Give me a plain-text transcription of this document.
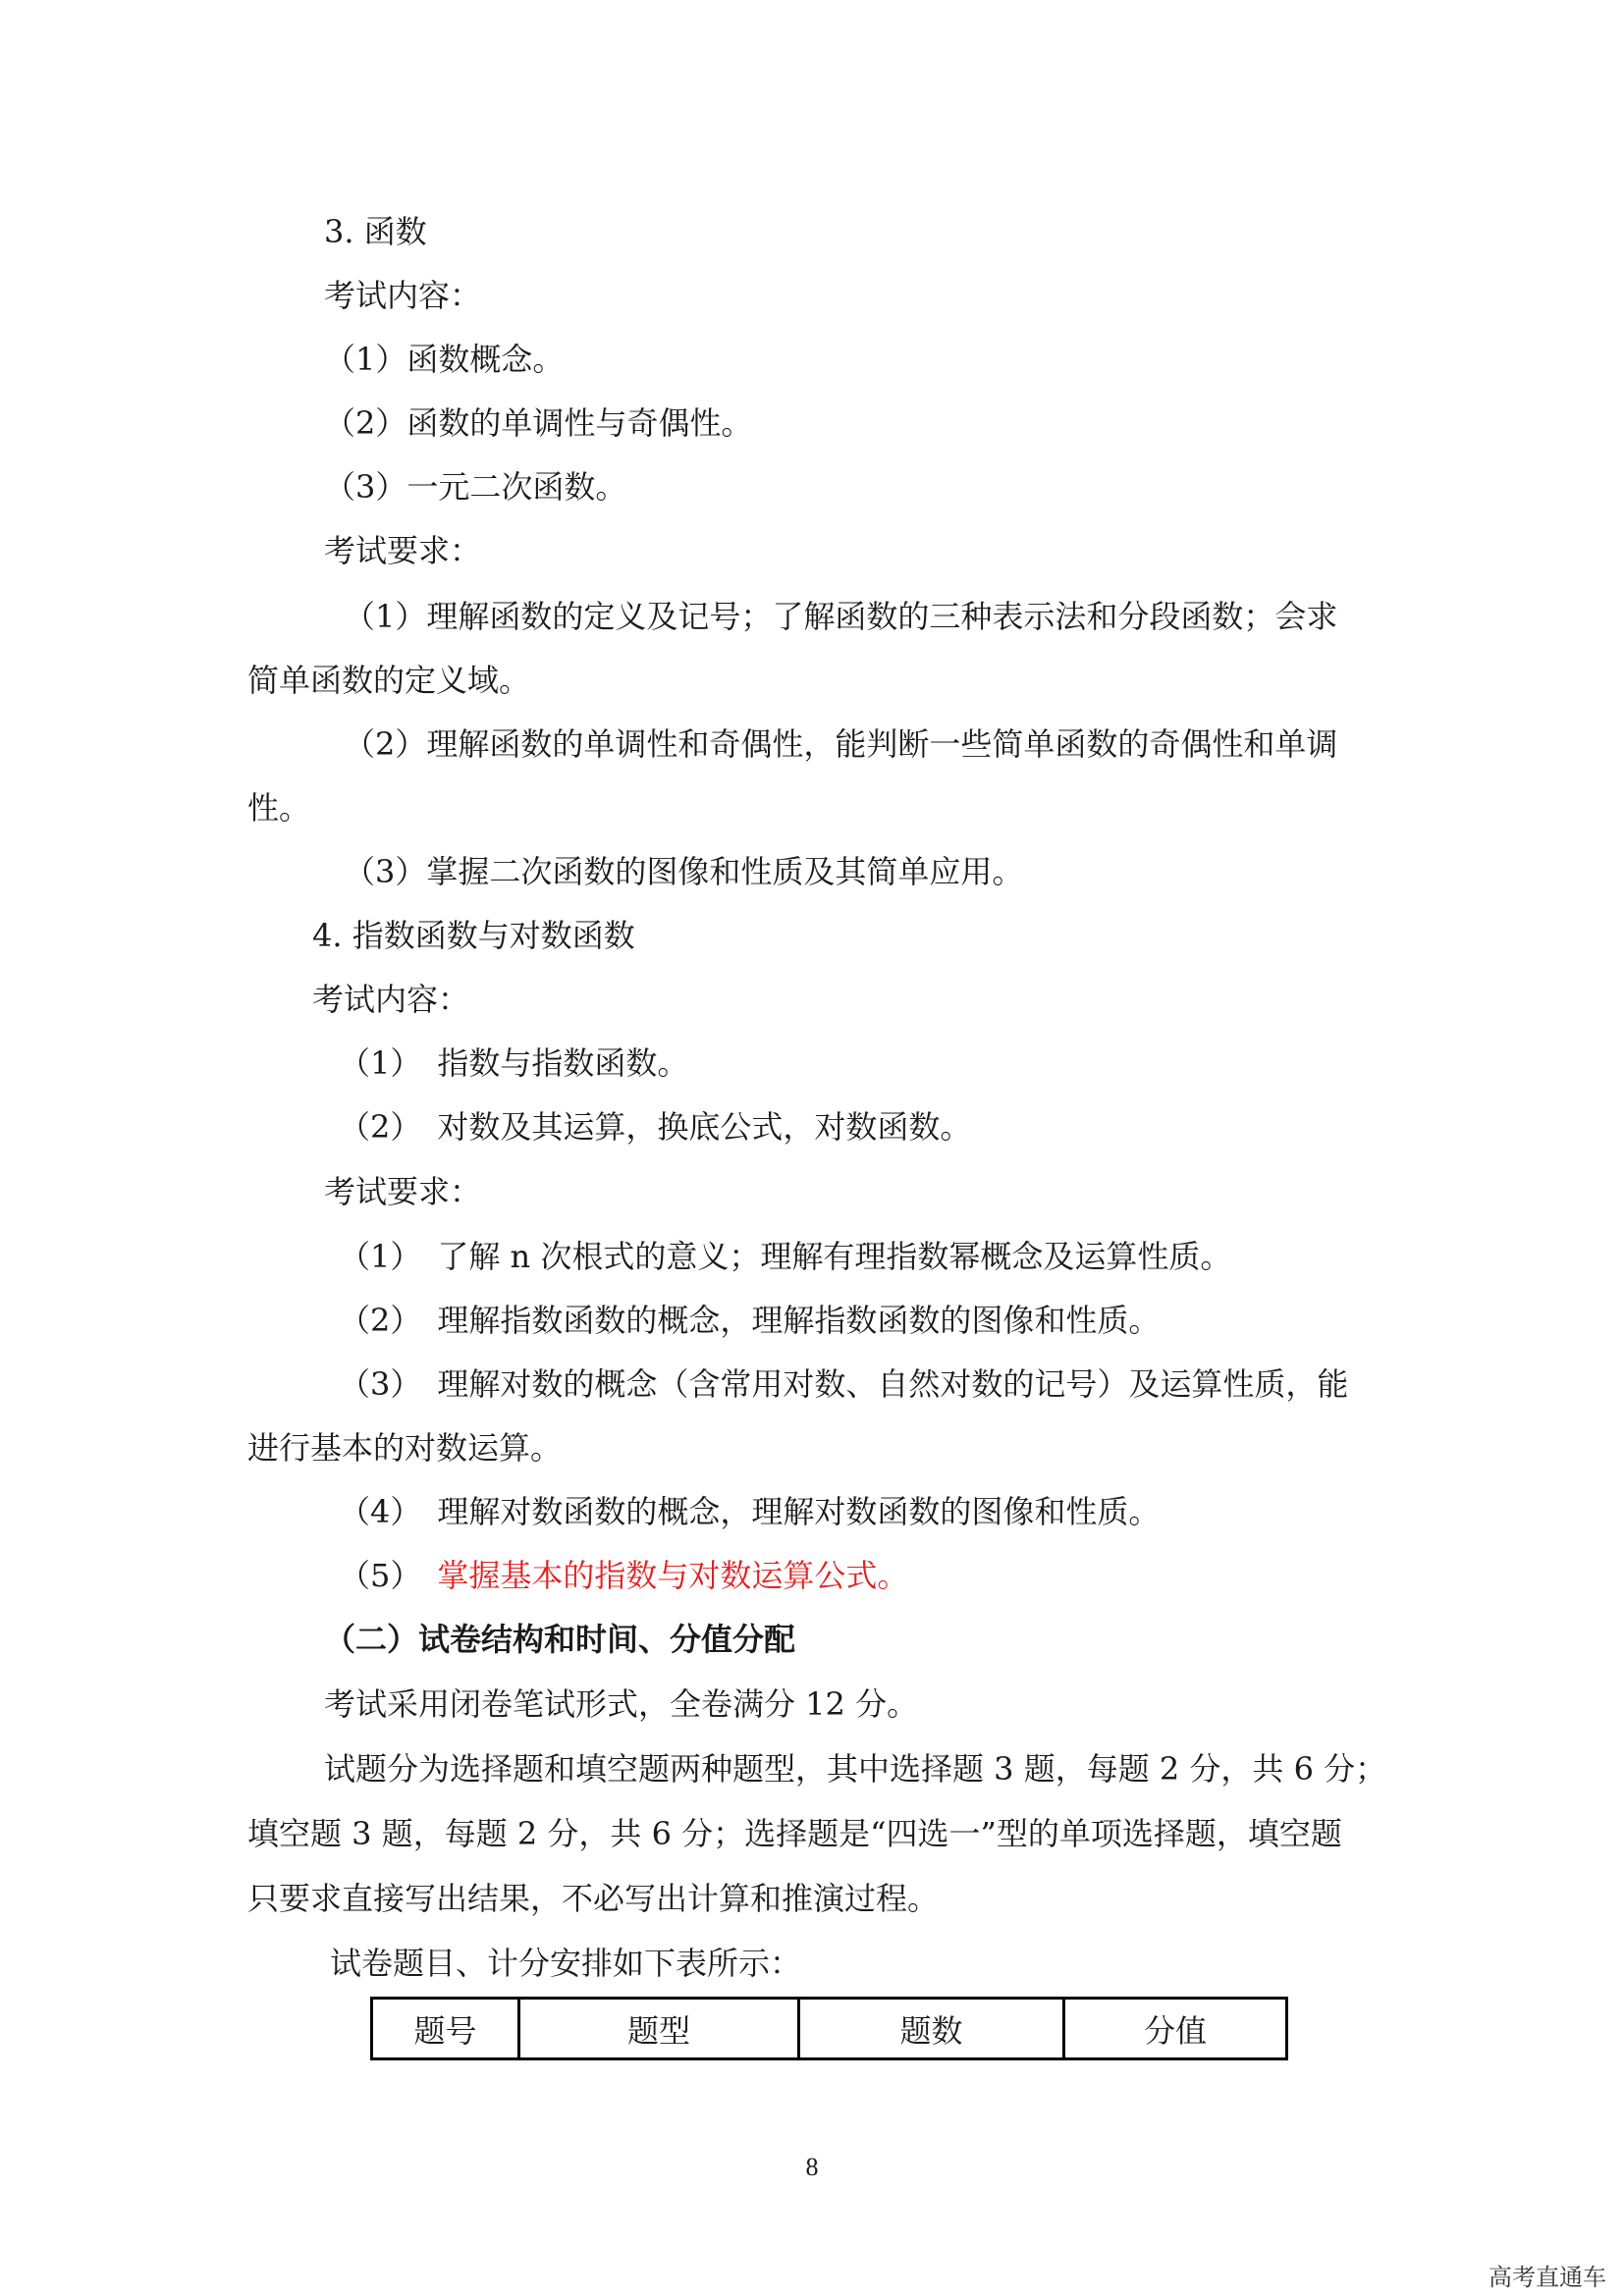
3. 函数
考试内容：
（1）函数概念。
（2）函数的单调性与奇偶性。
（3）一元二次函数。
考试要求：
（1）理解函数的定义及记号；了解函数的三种表示法和分段函数；会求
简单函数的定义域。
（2）理解函数的单调性和奇偶性，能判断一些简单函数的奇偶性和单调
性。
（3）掌握二次函数的图像和性质及其简单应用。
4. 指数函数与对数函数
考试内容：
（1）　指数与指数函数。
（2）　对数及其运算，换底公式，对数函数。
考试要求：
（1）　了解 n 次根式的意义；理解有理指数幂概念及运算性质。
（2）　理解指数函数的概念，理解指数函数的图像和性质。
（3）　理解对数的概念（含常用对数、自然对数的记号）及运算性质，能
进行基本的对数运算。
（4）　理解对数函数的概念，理解对数函数的图像和性质。
（5）　掌握基本的指数与对数运算公式。
（二）试卷结构和时间、分值分配
考试采用闭卷笔试形式，全卷满分 12 分。
试题分为选择题和填空题两种题型，其中选择题 3 题，每题 2 分，共 6 分；
填空题 3 题，每题 2 分，共 6 分；选择题是“四选一”型的单项选择题，填空题
只要求直接写出结果，不必写出计算和推演过程。
试卷题目、计分安排如下表所示：
题号	题型	题数	分值
8
高考直通车
